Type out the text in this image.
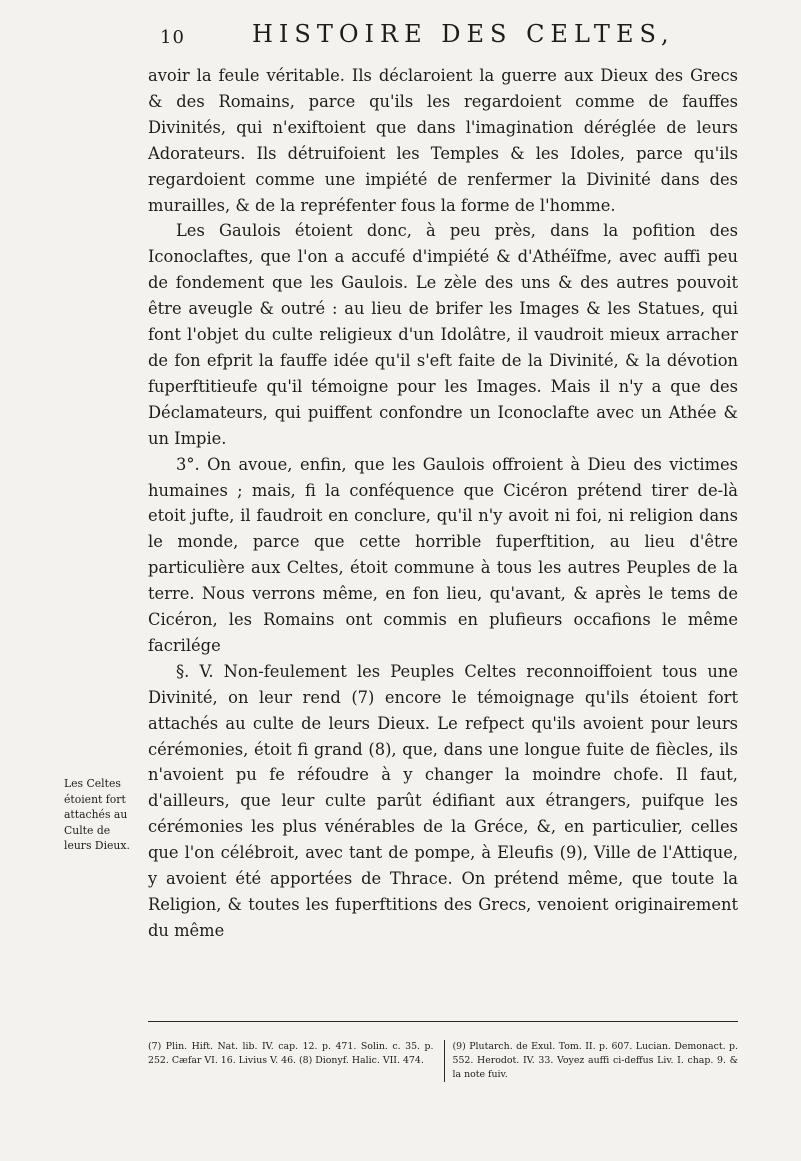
10	HISTOIRE DES CELTES,

avoir la feule véritable. Ils déclaroient la guerre aux Dieux des Grecs & des Romains, parce qu'ils les regardoient comme de fauffes Divinités, qui n'exiftoient que dans l'imagination déréglée de leurs Adorateurs. Ils détruifoient les Temples & les Idoles, parce qu'ils regardoient comme une impiété de renfermer la Divinité dans des murailles, & de la repréfenter fous la forme de l'homme.

Les Gaulois étoient donc, à peu près, dans la pofition des Iconoclaftes, que l'on a accufé d'impiété & d'Athéïfme, avec auffi peu de fondement que les Gaulois. Le zèle des uns & des autres pouvoit être aveugle & outré : au lieu de brifer les Images & les Statues, qui font l'objet du culte religieux d'un Idolâtre, il vaudroit mieux arracher de fon efprit la fauffe idée qu'il s'eft faite de la Divinité, & la dévotion fuperftitieufe qu'il témoigne pour les Images. Mais il n'y a que des Déclamateurs, qui puiffent confondre un Iconoclafte avec un Athée & un Impie.

3°. On avoue, enfin, que les Gaulois offroient à Dieu des victimes humaines ; mais, fi la conféquence que Cicéron prétend tirer de-là etoit jufte, il faudroit en conclure, qu'il n'y avoit ni foi, ni religion dans le monde, parce que cette horrible fuperftition, au lieu d'être particulière aux Celtes, étoit commune à tous les autres Peuples de la terre. Nous verrons même, en fon lieu, qu'avant, & après le tems de Cicéron, les Romains ont commis en plufieurs occafions le même facrilége

§. V. Non-feulement les Peuples Celtes reconnoiffoient tous une Divinité, on leur rend (7) encore le témoignage qu'ils étoient fort attachés au culte de leurs Dieux. Le refpect qu'ils avoient pour leurs cérémonies, étoit fi grand (8), que, dans une longue fuite de fiècles, ils n'avoient pu fe réfoudre à y changer la moindre chofe. Il faut, d'ailleurs, que leur culte parût édifiant aux étrangers, puifque les cérémonies les plus vénérables de la Gréce, &, en particulier, celles que l'on célébroit, avec tant de pompe, à Eleufis (9), Ville de l'Attique, y avoient été apportées de Thrace. On prétend même, que toute la Religion, & toutes les fuperftitions des Grecs, venoient originairement du même

Les Celtes étoient fort attachés au Culte de leurs Dieux.
(7) Plin. Hift. Nat. lib. IV. cap. 12. p. 471. Solin. c. 35. p. 252. Cæfar VI. 16. Livius V. 46. (8) Dionyf. Halic. VII. 474.
(9) Plutarch. de Exul. Tom. II. p. 607. Lucian. Demonact. p. 552. Herodot. IV. 33. Voyez auffi ci-deffus Liv. I. chap. 9. & la note fuiv.
